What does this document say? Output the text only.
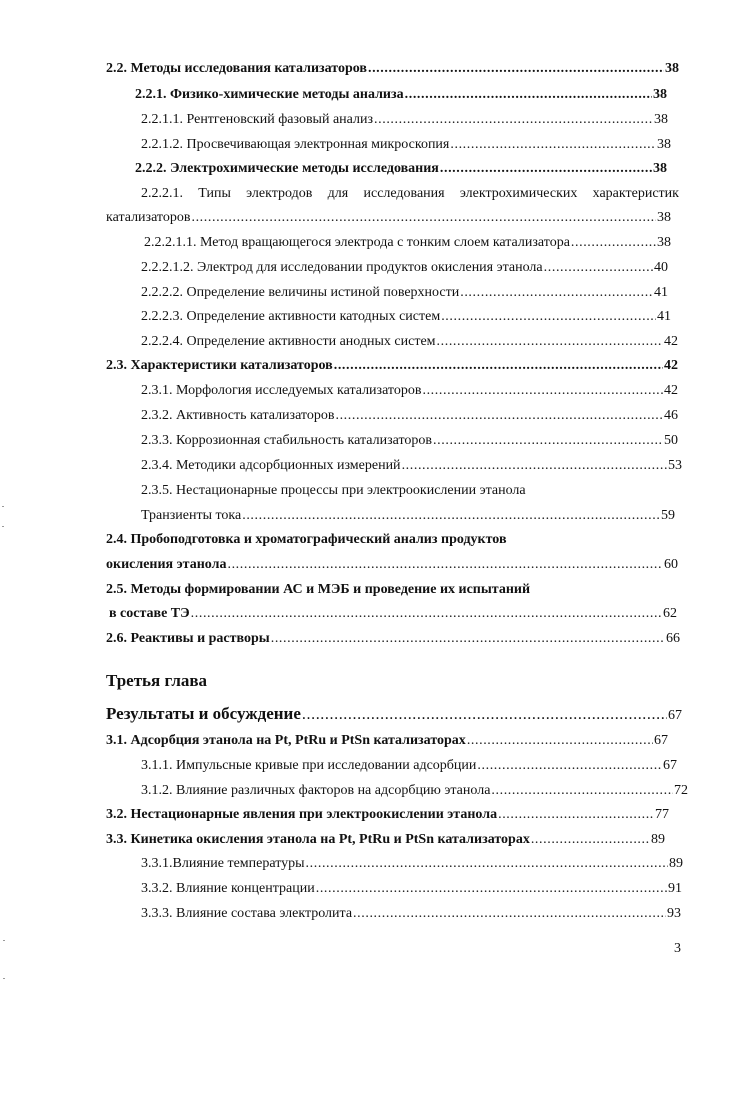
2.2. Методы исследования катализаторов .....	38
2.2.1. Физико-химические методы анализа .....	38
2.2.1.1. Рентгеновский фазовый анализ .....	38
2.2.1.2. Просвечивающая электронная микроскопия .....	38
2.2.2. Электрохимические методы исследования .....	38
2.2.2.1. Типы электродов для исследования электрохимических характеристик
катализаторов .....	38
2.2.2.1.1. Метод вращающегося электрода с тонким слоем катализатора .....	38
2.2.2.1.2. Электрод для исследовании продуктов окисления этанола .....	40
2.2.2.2. Определение величины истиной поверхности .....	41
2.2.2.3. Определение активности катодных систем .....	41
2.2.2.4. Определение активности анодных систем .....	42
2.3. Характеристики катализаторов .....	42
2.3.1. Морфология исследуемых катализаторов .....	42
2.3.2. Активность катализаторов .....	46
2.3.3. Коррозионная стабильность катализаторов .....	50
2.3.4. Методики адсорбционных измерений .....	53
2.3.5. Нестационарные процессы при электроокислении этанола
Транзиенты тока .....	59
2.4. Пробоподготовка и хроматографический анализ продуктов
окисления этанола .....	60
2.5. Методы формировании АС и МЭБ и проведение их испытаний
в составе ТЭ .....	62
2.6. Реактивы и растворы .....	66
Третья глава
Результаты и обсуждение .....	67
3.1. Адсорбция этанола на Pt, PtRu и PtSn катализаторах .....	67
3.1.1. Импульсные кривые при исследовании адсорбции .....	67
3.1.2. Влияние различных факторов на адсорбцию этанола .....	72
3.2. Нестационарные явления при электроокислении этанола .....	77
3.3. Кинетика окисления этанола на Pt, PtRu и PtSn катализаторах .....	89
3.3.1.Влияние температуры .....	89
3.3.2. Влияние концентрации .....	91
3.3.3. Влияние состава электролита .....	93
3
